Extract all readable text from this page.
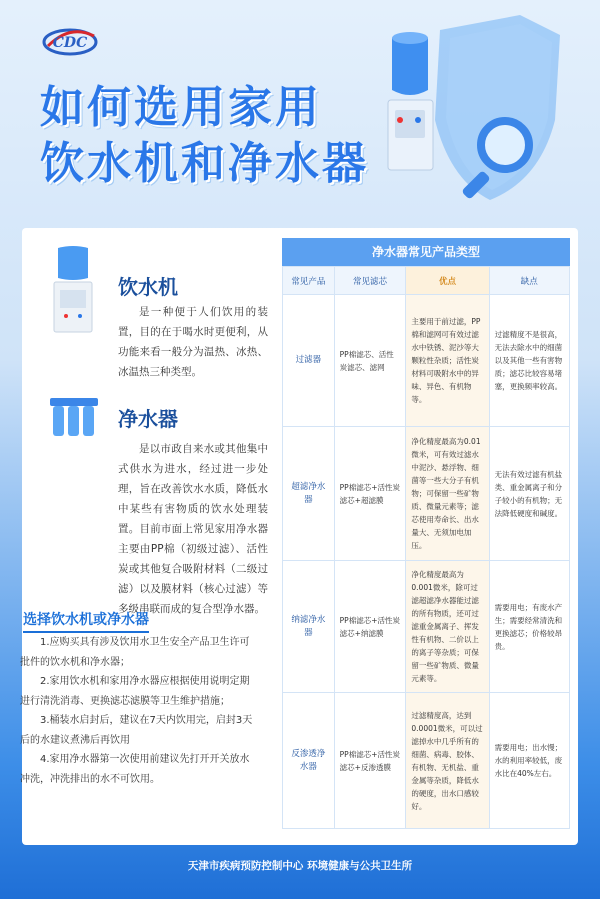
CDC
如何选用家用
饮水机和净水器
饮水机
是一种便于人们饮用的装置，目的在于喝水时更便利，从功能来看一般分为温热、冰热、冰温热三种类型。
净水器
是以市政自来水或其他集中式供水为进水，经过进一步处理，旨在改善饮水水质，降低水中某些有害物质的饮水处理装置。目前市面上常见家用净水器主要由PP棉（初级过滤）、活性炭或其他复合吸附材料（二级过滤）以及膜材料（核心过滤）等多级串联而成的复合型净水器。
选择饮水机或净水器
1.应购买具有涉及饮用水卫生安全产品卫生许可批件的饮水机和净水器；
2.家用饮水机和家用净水器应根据使用说明定期进行清洗消毒、更换滤芯滤膜等卫生维护措施；
3.桶装水启封后，建议在7天内饮用完，启封3天后的水建议煮沸后再饮用
4.家用净水器第一次使用前建议先打开开关放水冲洗，冲洗排出的水不可饮用。
净水器常见产品类型
常见产品	常见滤芯	优点	缺点
过滤器	PP棉滤芯、活性炭滤芯、滤网	主要用于前过滤，PP棉和滤网可有效过滤水中铁锈、泥沙等大颗粒性杂质；活性炭材料可吸附水中的异味、异色、有机物等。	过滤精度不是很高，无法去除水中的细菌以及其他一些有害物质；滤芯比较容易堵塞，更换频率较高。
超滤净水器	PP棉滤芯+活性炭滤芯+超滤膜	净化精度最高为0.01微米，可有效过滤水中泥沙、悬浮物、细菌等一些大分子有机物；可保留一些矿物质、微量元素等；滤芯使用寿命长、出水量大、无须加电加压。	无法有效过滤有机盐类、重金属离子和分子较小的有机物；无法降低硬度和碱度。
纳滤净水器	PP棉滤芯+活性炭滤芯+纳滤膜	净化精度最高为0.001微米，除可过滤超滤净水器能过滤的所有物质，还可过滤重金属离子、挥发性有机物、二价以上的离子等杂质；可保留一些矿物质、微量元素等。	需要用电；有废水产生；需要经常清洗和更换滤芯；价格较昂贵。
反渗透净水器	PP棉滤芯+活性炭滤芯+反渗透膜	过滤精度高，达到0.0001微米，可以过滤掉水中几乎所有的细菌、病毒、胶体、有机物、无机盐、重金属等杂质，降低水的硬度，出水口感较好。	需要用电；出水慢；水的利用率较低，废水比在40%左右。
天津市疾病预防控制中心 环境健康与公共卫生所
